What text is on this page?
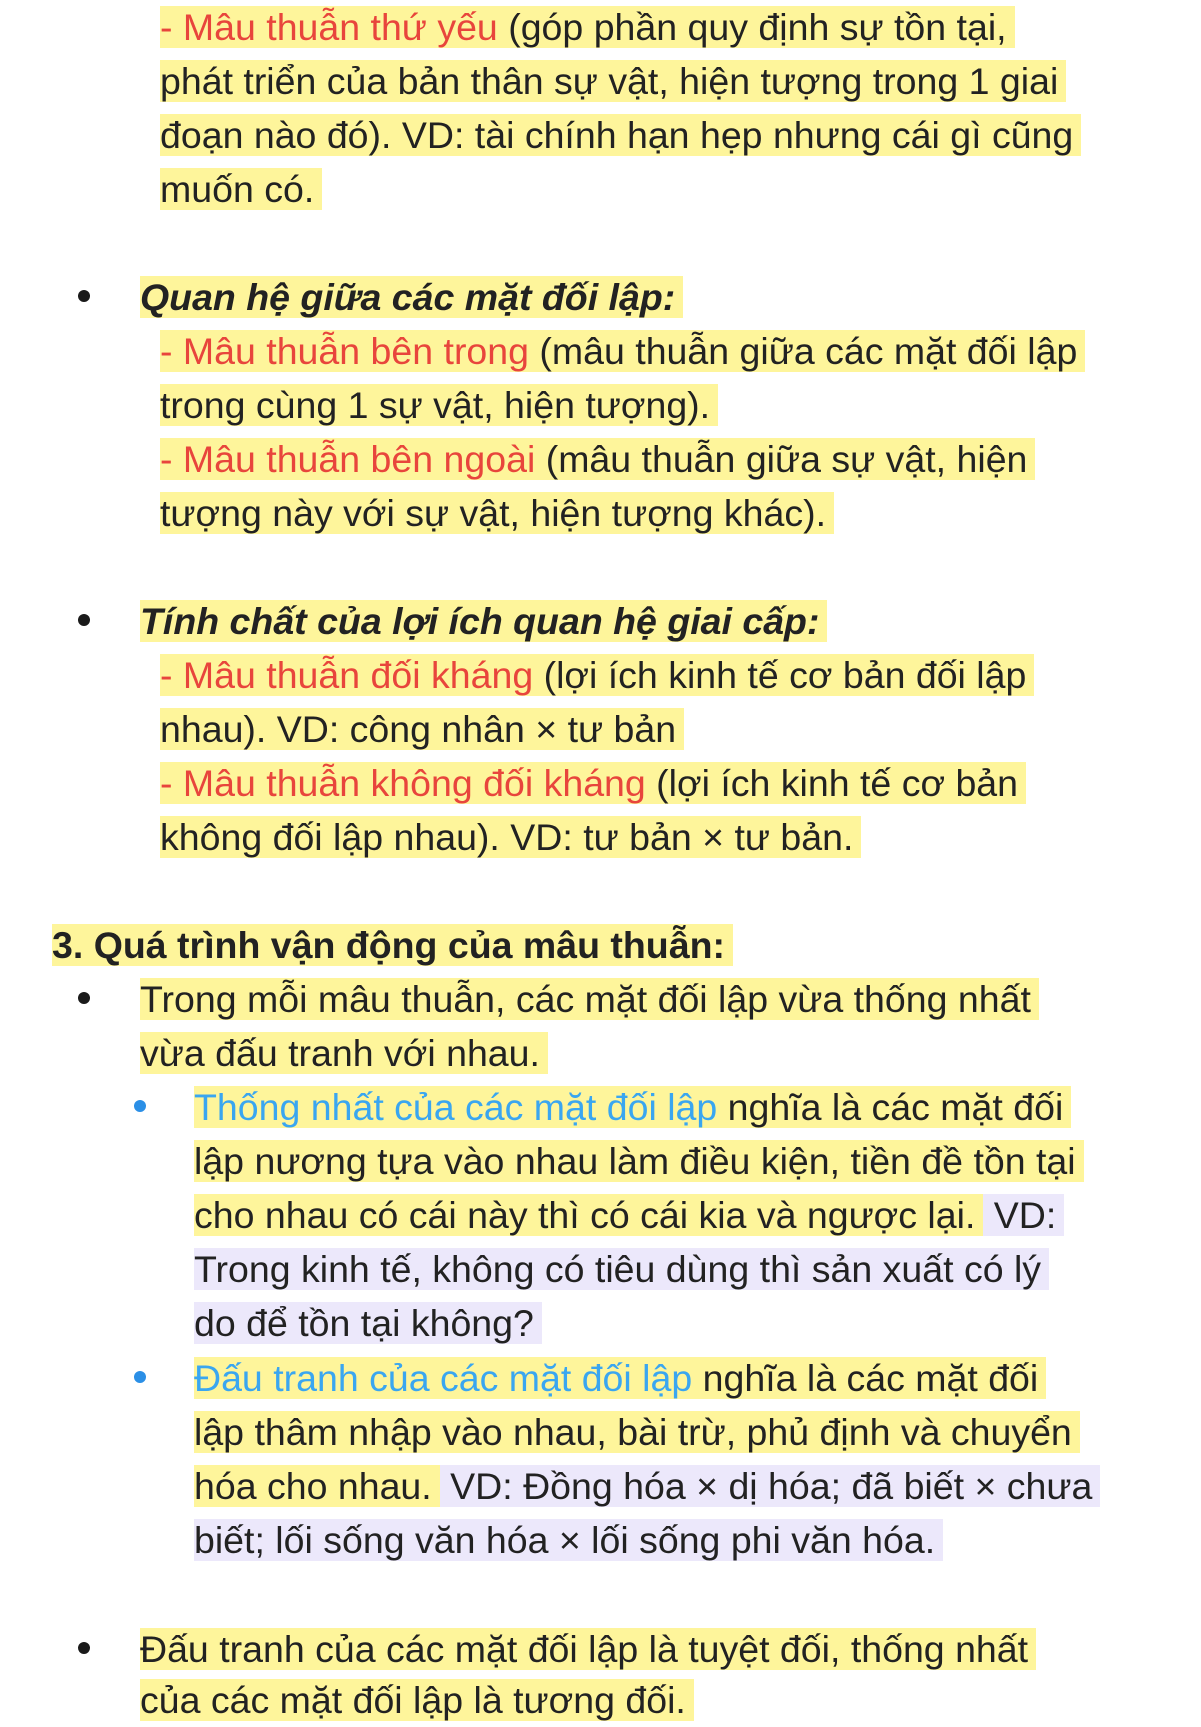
- Mâu thuẫn thứ yếu (góp phần quy định sự tồn tại,
phát triển của bản thân sự vật, hiện tượng trong 1 giai
đoạn nào đó). VD: tài chính hạn hẹp nhưng cái gì cũng
muốn có.
Quan hệ giữa các mặt đối lập:
- Mâu thuẫn bên trong (mâu thuẫn giữa các mặt đối lập
trong cùng 1 sự vật, hiện tượng).
- Mâu thuẫn bên ngoài (mâu thuẫn giữa sự vật, hiện
tượng này với sự vật, hiện tượng khác).
Tính chất của lợi ích quan hệ giai cấp:
- Mâu thuẫn đối kháng (lợi ích kinh tế cơ bản đối lập
nhau). VD: công nhân × tư bản
- Mâu thuẫn không đối kháng (lợi ích kinh tế cơ bản
không đối lập nhau). VD: tư bản × tư bản.
3. Quá trình vận động của mâu thuẫn:
Trong mỗi mâu thuẫn, các mặt đối lập vừa thống nhất
vừa đấu tranh với nhau.
Thống nhất của các mặt đối lập nghĩa là các mặt đối
lập nương tựa vào nhau làm điều kiện, tiền đề tồn tại
cho nhau có cái này thì có cái kia và ngược lại. VD:
Trong kinh tế, không có tiêu dùng thì sản xuất có lý
do để tồn tại không?
Đấu tranh của các mặt đối lập nghĩa là các mặt đối
lập thâm nhập vào nhau, bài trừ, phủ định và chuyển
hóa cho nhau. VD: Đồng hóa × dị hóa; đã biết × chưa
biết; lối sống văn hóa × lối sống phi văn hóa.
Đấu tranh của các mặt đối lập là tuyệt đối, thống nhất
của các mặt đối lập là tương đối.
